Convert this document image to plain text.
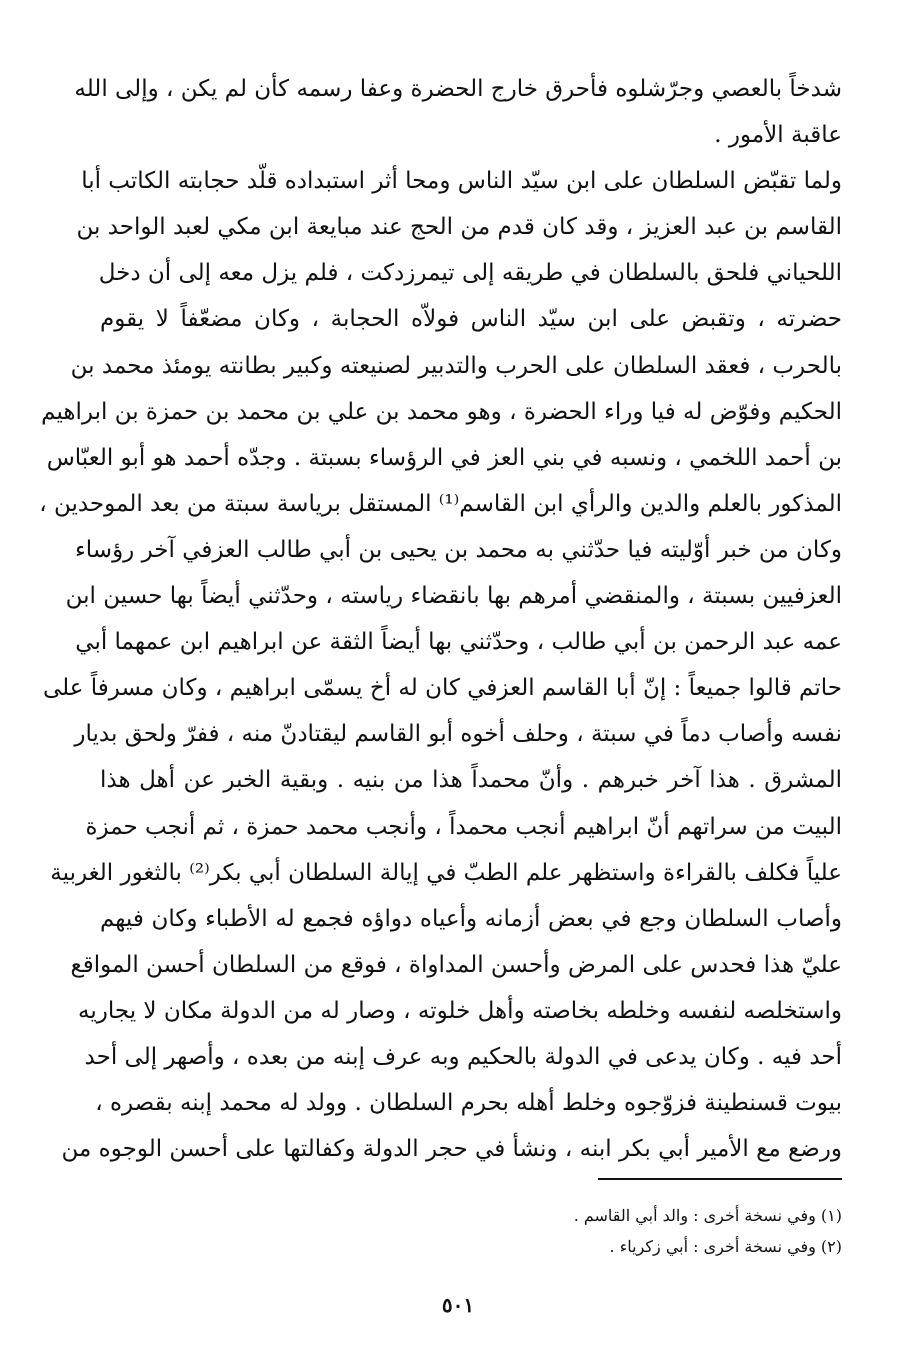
شدخاً بالعصي وجرّشلوه فأحرق خارج الحضرة وعفا رسمه كأن لم يكن ، وإلى الله
عاقبة الأمور .
ولما تقبّض السلطان على ابن سيّد الناس ومحا أثر استبداده قلّد حجابته الكاتب أبا
القاسم بن عبد العزيز ، وقد كان قدم من الحج عند مبايعة ابن مكي لعبد الواحد بن
اللحياني فلحق بالسلطان في طريقه إلى تيمرزدكت ، فلم يزل معه إلى أن دخل
حضرته ، وتقبض على ابن سيّد الناس فولاّه الحجابة ، وكان مضعّفاً لا يقوم
بالحرب ، فعقد السلطان على الحرب والتدبير لصنيعته وكبير بطانته يومئذ محمد بن
الحكيم وفوّض له فيا وراء الحضرة ، وهو محمد بن علي بن محمد بن حمزة بن ابراهيم
بن أحمد اللخمي ، ونسبه في بني العز في الرؤساء بسبتة . وجدّه أحمد هو أبو العبّاس
المذكور بالعلم والدين والرأي ابن القاسم⁽¹⁾ المستقل برياسة سبتة من بعد الموحدين ،
وكان من خبر أوّليته فيا حدّثني به محمد بن يحيى بن أبي طالب العزفي آخر رؤساء
العزفيين بسبتة ، والمنقضي أمرهم بها بانقضاء رياسته ، وحدّثني أيضاً بها حسين ابن
عمه عبد الرحمن بن أبي طالب ، وحدّثني بها أيضاً الثقة عن ابراهيم ابن عمهما أبي
حاتم قالوا جميعاً : إنّ أبا القاسم العزفي كان له أخ يسمّى ابراهيم ، وكان مسرفاً على
نفسه وأصاب دماً في سبتة ، وحلف أخوه أبو القاسم ليقتادنّ منه ، ففرّ ولحق بديار
المشرق . هذا آخر خبرهم . وأنّ محمداً هذا من بنيه . وبقية الخبر عن أهل هذا
البيت من سراتهم أنّ ابراهيم أنجب محمداً ، وأنجب محمد حمزة ، ثم أنجب حمزة
علياً فكلف بالقراءة واستظهر علم الطبّ في إيالة السلطان أبي بكر⁽²⁾ بالثغور الغربية
وأصاب السلطان وجع في بعض أزمانه وأعياه دواؤه فجمع له الأطباء وكان فيهم
عليّ هذا فحدس على المرض وأحسن المداواة ، فوقع من السلطان أحسن المواقع
واستخلصه لنفسه وخلطه بخاصته وأهل خلوته ، وصار له من الدولة مكان لا يجاريه
أحد فيه . وكان يدعى في الدولة بالحكيم وبه عرف إبنه من بعده ، وأصهر إلى أحد
بيوت قسنطينة فزوّجوه وخلط أهله بحرم السلطان . وولد له محمد إبنه بقصره ،
ورضع مع الأمير أبي بكر ابنه ، ونشأ في حجر الدولة وكفالتها على أحسن الوجوه من
(١) وفي نسخة أخرى : والد أبي القاسم .
(٢) وفي نسخة أخرى : أبي زكرياء .
٥٠١
